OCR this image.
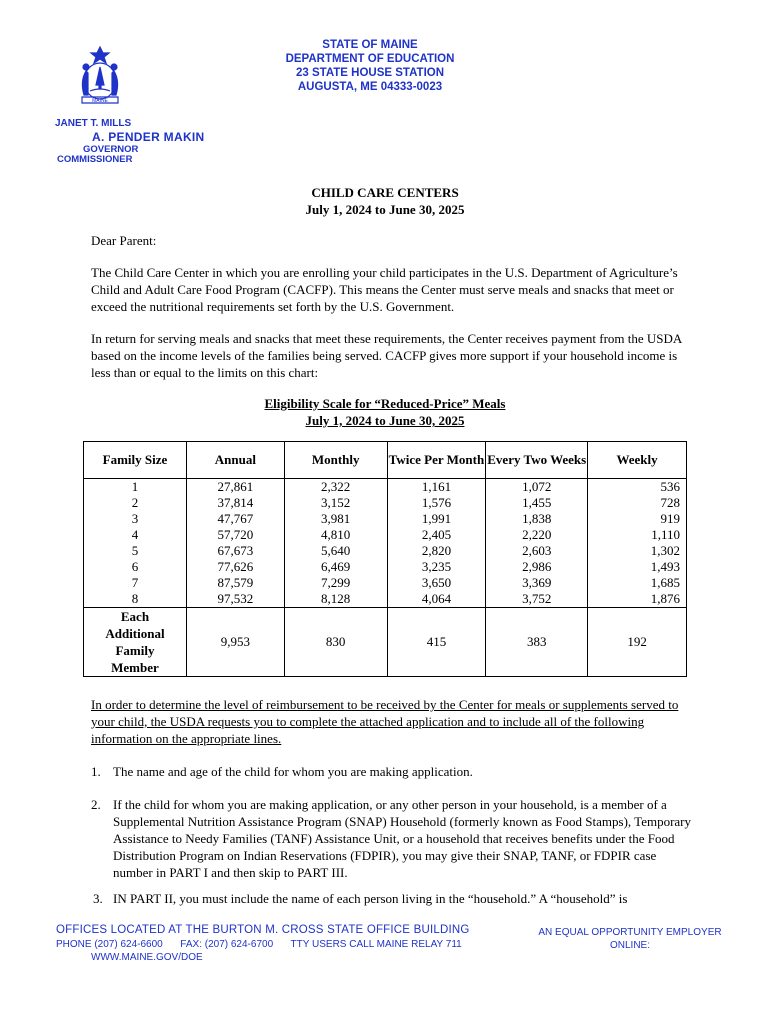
MAINE
STATE OF MAINE
DEPARTMENT OF EDUCATION
23 STATE HOUSE STATION
AUGUSTA, ME 04333-0023
JANET T. MILLS
A. PENDER MAKIN
GOVERNOR
COMMISSIONER
CHILD CARE CENTERS
July 1, 2024 to June 30, 2025
Dear Parent:

The Child Care Center in which you are enrolling your child participates in the U.S. Department of Agriculture’s Child and Adult Care Food Program (CACFP). This means the Center must serve meals and snacks that meet or exceed the nutritional requirements set forth by the U.S. Government.

In return for serving meals and snacks that meet these requirements, the Center receives payment from the USDA based on the income levels of the families being served. CACFP gives more support if your household income is less than or equal to the limits on this chart:

Eligibility Scale for “Reduced-Price” Meals
July 1, 2024 to June 30, 2025
Family Size	Annual	Monthly	Twice Per Month	Every Two Weeks	Weekly
1	27,861	2,322	1,161	1,072	536
2	37,814	3,152	1,576	1,455	728
3	47,767	3,981	1,991	1,838	919
4	57,720	4,810	2,405	2,220	1,110
5	67,673	5,640	2,820	2,603	1,302
6	77,626	6,469	3,235	2,986	1,493
7	87,579	7,299	3,650	3,369	1,685
8	97,532	8,128	4,064	3,752	1,876
Each Additional Family Member	9,953	830	415	383	192
In order to determine the level of reimbursement to be received by the Center for meals or supplements served to your child, the USDA requests you to complete the attached application and to include all of the following information on the appropriate lines.
1. The name and age of the child for whom you are making application.
2. If the child for whom you are making application, or any other person in your household, is a member of a Supplemental Nutrition Assistance Program (SNAP) Household (formerly known as Food Stamps), Temporary Assistance to Needy Families (TANF) Assistance Unit, or a household that receives benefits under the Food Distribution Program on Indian Reservations (FDPIR), you may give their SNAP, TANF, or FDPIR case number in PART I and then skip to PART III.
3. IN PART II, you must include the name of each person living in the “household.” A “household” is
OFFICES LOCATED AT THE BURTON M. CROSS STATE OFFICE BUILDING
PHONE (207) 624-6600 FAX: (207) 624-6700 TTY USERS CALL MAINE RELAY 711
WWW.MAINE.GOV/DOE
AN EQUAL OPPORTUNITY EMPLOYER
ONLINE:
